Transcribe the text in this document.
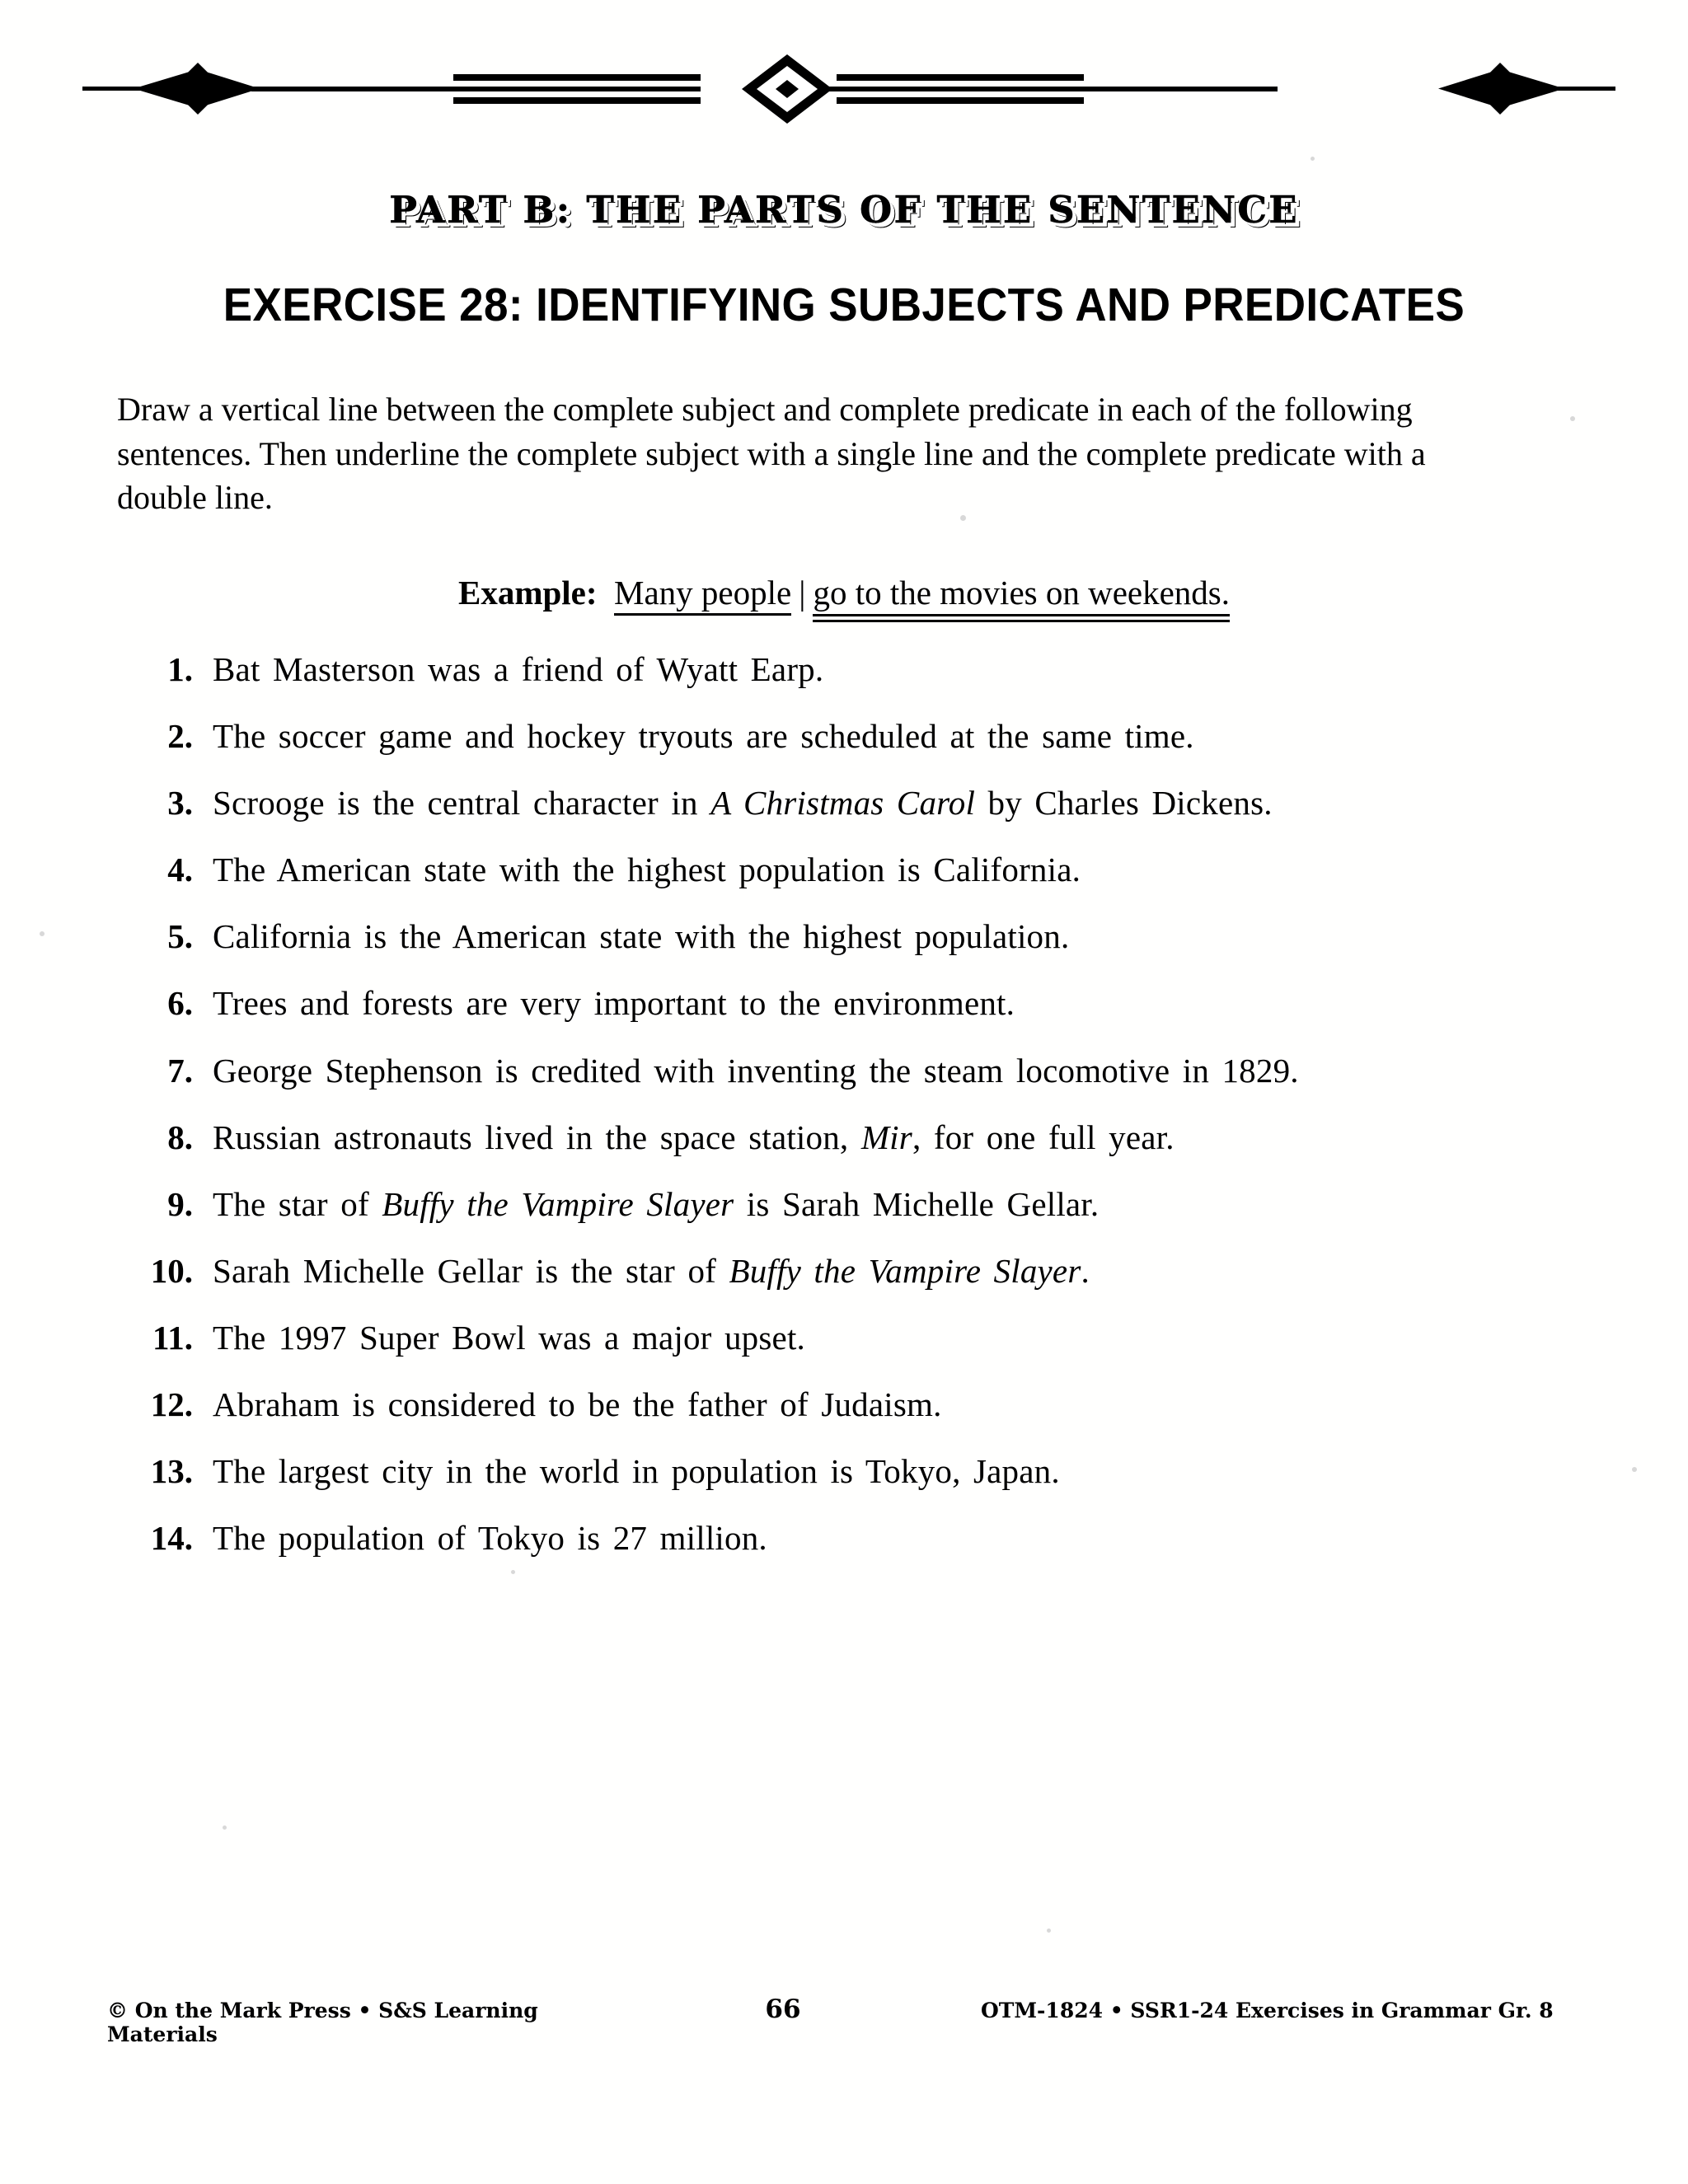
PART B: THE PARTS OF THE SENTENCE
EXERCISE 28: IDENTIFYING SUBJECTS AND PREDICATES
Draw a vertical line between the complete subject and complete predicate in each of the following sentences. Then underline the complete subject with a single line and the complete predicate with a double line.
Example: Many people | go to the movies on weekends.
1. Bat Masterson was a friend of Wyatt Earp.
2. The soccer game and hockey tryouts are scheduled at the same time.
3. Scrooge is the central character in A Christmas Carol by Charles Dickens.
4. The American state with the highest population is California.
5. California is the American state with the highest population.
6. Trees and forests are very important to the environment.
7. George Stephenson is credited with inventing the steam locomotive in 1829.
8. Russian astronauts lived in the space station, Mir, for one full year.
9. The star of Buffy the Vampire Slayer is Sarah Michelle Gellar.
10. Sarah Michelle Gellar is the star of Buffy the Vampire Slayer.
11. The 1997 Super Bowl was a major upset.
12. Abraham is considered to be the father of Judaism.
13. The largest city in the world in population is Tokyo, Japan.
14. The population of Tokyo is 27 million.
© On the Mark Press • S&S Learning Materials
66	OTM-1824 • SSR1-24 Exercises in Grammar Gr. 8
